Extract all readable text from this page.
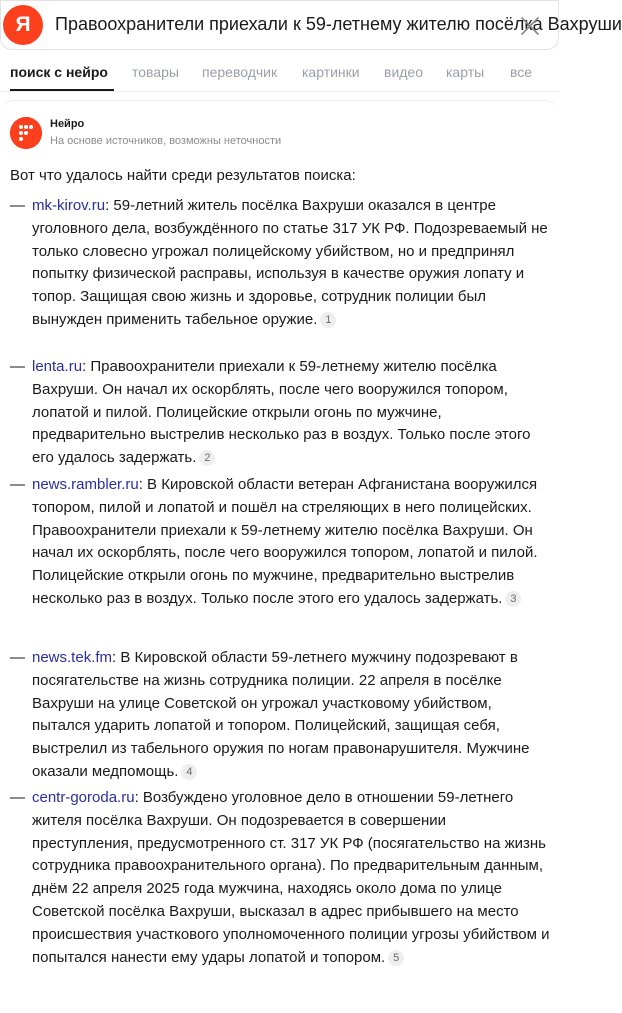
Я	Правоохранители приехали к 59-летнему жителю посёлка Вахруши
поиск с нейро товары переводчик картинки видео карты все
Нейро
На основе источников, возможны неточности
Вот что удалось найти среди результатов поиска:
— mk-kirov.ru: 59-летний житель посёлка Вахруши оказался в центре уголовного дела, возбуждённого по статье 317 УК РФ. Подозреваемый не только словесно угрожал полицейскому убийством, но и предпринял попытку физической расправы, используя в качестве оружия лопату и топор. Защищая свою жизнь и здоровье, сотрудник полиции был вынужден применить табельное оружие. 1
— lenta.ru: Правоохранители приехали к 59-летнему жителю посёлка Вахруши. Он начал их оскорблять, после чего вооружился топором, лопатой и пилой. Полицейские открыли огонь по мужчине, предварительно выстрелив несколько раз в воздух. Только после этого его удалось задержать. 2
— news.rambler.ru: В Кировской области ветеран Афганистана вооружился топором, пилой и лопатой и пошёл на стреляющих в него полицейских. Правоохранители приехали к 59-летнему жителю посёлка Вахруши. Он начал их оскорблять, после чего вооружился топором, лопатой и пилой. Полицейские открыли огонь по мужчине, предварительно выстрелив несколько раз в воздух. Только после этого его удалось задержать. 3
— news.tek.fm: В Кировской области 59-летнего мужчину подозревают в посягательстве на жизнь сотрудника полиции. 22 апреля в посёлке Вахруши на улице Советской он угрожал участковому убийством, пытался ударить лопатой и топором. Полицейский, защищая себя, выстрелил из табельного оружия по ногам правонарушителя. Мужчине оказали медпомощь. 4
— centr-goroda.ru: Возбуждено уголовное дело в отношении 59-летнего жителя посёлка Вахруши. Он подозревается в совершении преступления, предусмотренного ст. 317 УК РФ (посягательство на жизнь сотрудника правоохранительного органа). По предварительным данным, днём 22 апреля 2025 года мужчина, находясь около дома по улице Советской посёлка Вахруши, высказал в адрес прибывшего на место происшествия участкового уполномоченного полиции угрозы убийством и попытался нанести ему удары лопатой и топором. 5
